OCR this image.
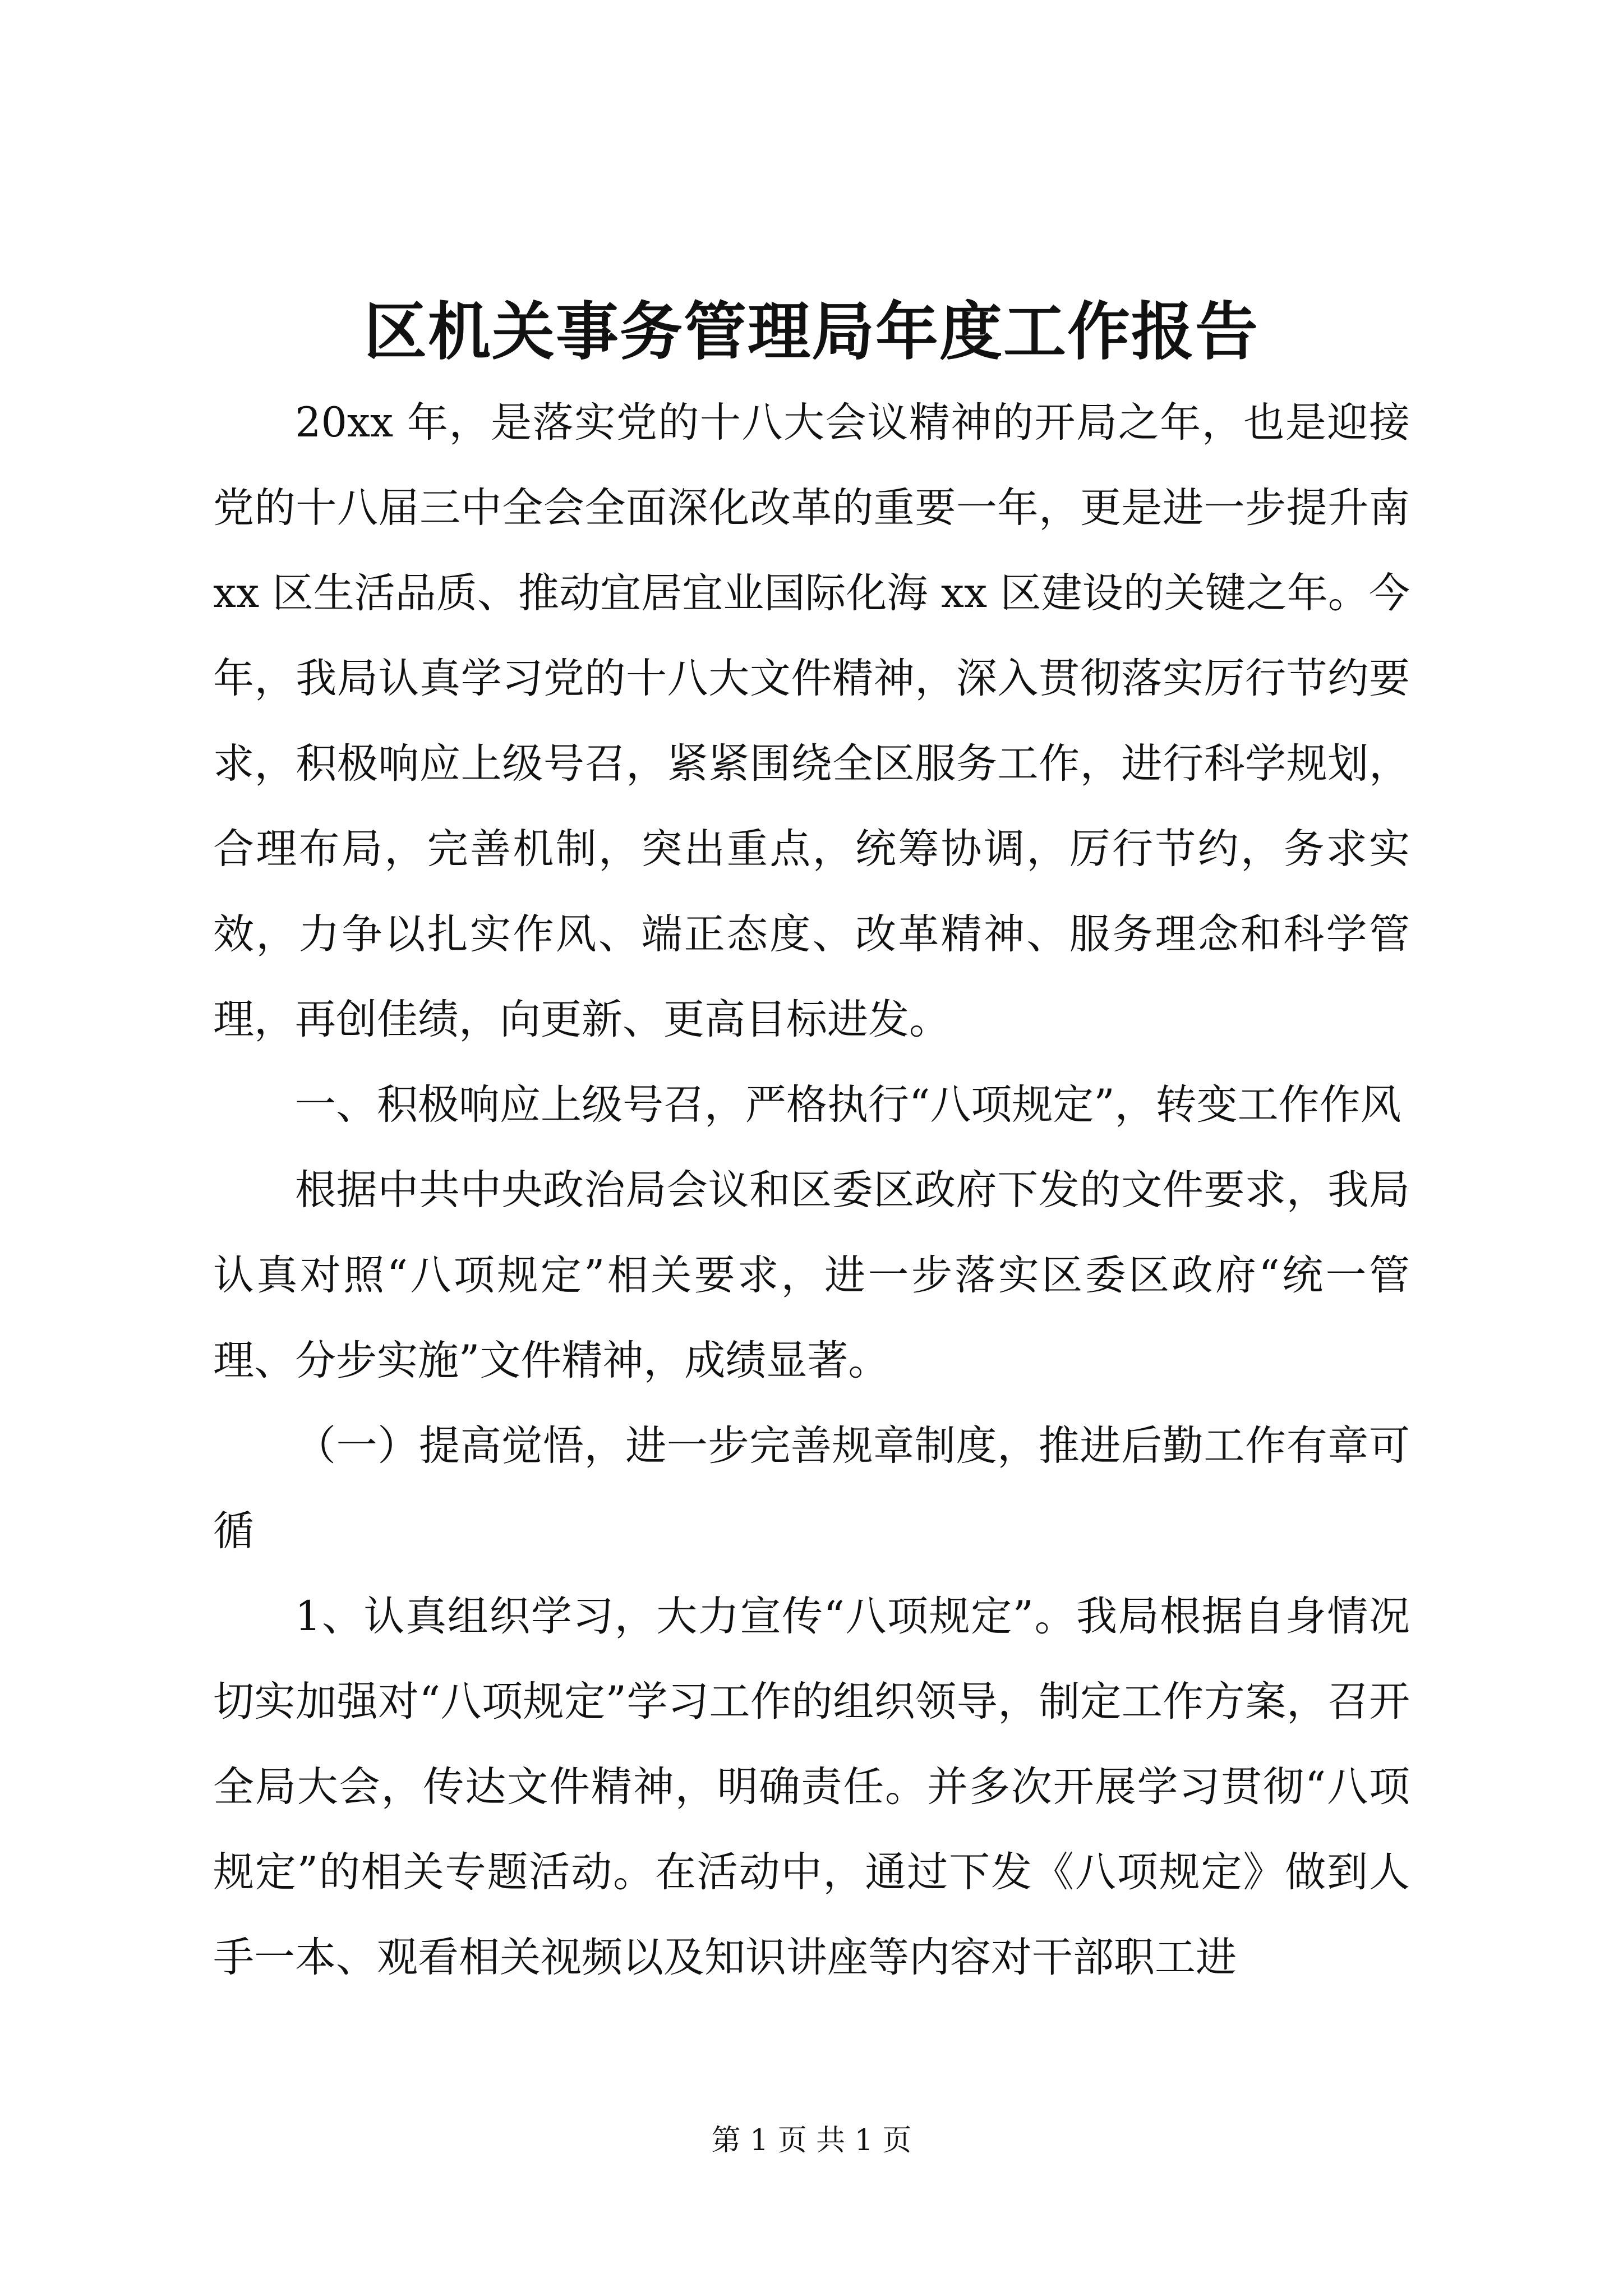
区机关事务管理局年度工作报告

20xx 年，是落实党的十八大会议精神的开局之年，也是迎接党的十八届三中全会全面深化改革的重要一年，更是进一步提升南 xx 区生活品质、推动宜居宜业国际化海 xx 区建设的关键之年。今年，我局认真学习党的十八大文件精神，深入贯彻落实厉行节约要求，积极响应上级号召，紧紧围绕全区服务工作，进行科学规划，合理布局，完善机制，突出重点，统筹协调，厉行节约，务求实效，力争以扎实作风、端正态度、改革精神、服务理念和科学管理，再创佳绩，向更新、更高目标进发。

一、积极响应上级号召，严格执行“八项规定”，转变工作作风

根据中共中央政治局会议和区委区政府下发的文件要求，我局认真对照“八项规定”相关要求，进一步落实区委区政府“统一管理、分步实施”文件精神，成绩显著。

（一）提高觉悟，进一步完善规章制度，推进后勤工作有章可循

1、认真组织学习，大力宣传“八项规定”。我局根据自身情况切实加强对“八项规定”学习工作的组织领导，制定工作方案，召开全局大会，传达文件精神，明确责任。并多次开展学习贯彻“八项规定”的相关专题活动。在活动中，通过下发《八项规定》做到人手一本、观看相关视频以及知识讲座等内容对干部职工进

第 1 页 共 1 页
